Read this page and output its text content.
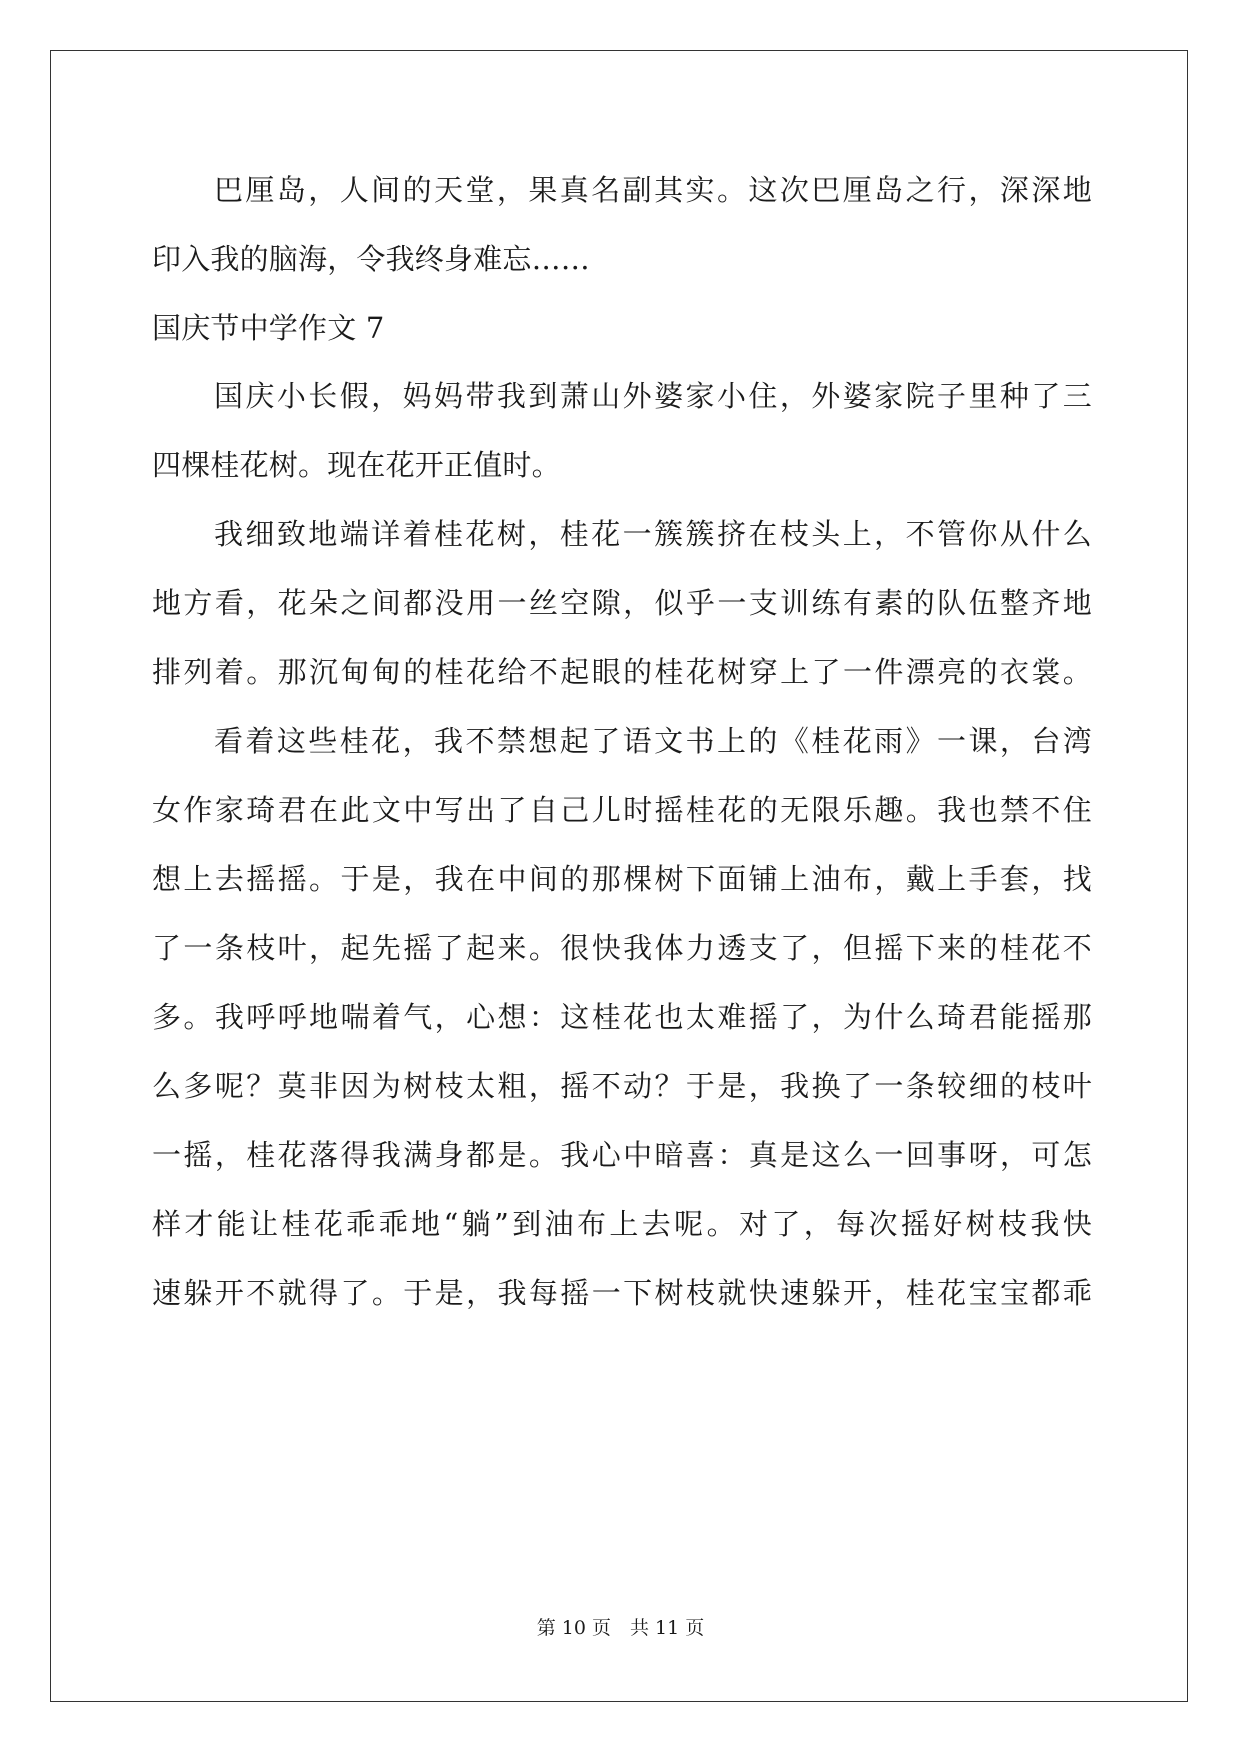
巴厘岛，人间的天堂，果真名副其实。这次巴厘岛之行，深深地
印入我的脑海，令我终身难忘……
国庆节中学作文 7
国庆小长假，妈妈带我到萧山外婆家小住，外婆家院子里种了三
四棵桂花树。现在花开正值时。
我细致地端详着桂花树，桂花一簇簇挤在枝头上，不管你从什么
地方看，花朵之间都没用一丝空隙，似乎一支训练有素的队伍整齐地
排列着。那沉甸甸的桂花给不起眼的桂花树穿上了一件漂亮的衣裳。
看着这些桂花，我不禁想起了语文书上的《桂花雨》一课，台湾
女作家琦君在此文中写出了自己儿时摇桂花的无限乐趣。我也禁不住
想上去摇摇。于是，我在中间的那棵树下面铺上油布，戴上手套，找
了一条枝叶，起先摇了起来。很快我体力透支了，但摇下来的桂花不
多。我呼呼地喘着气，心想：这桂花也太难摇了，为什么琦君能摇那
么多呢？莫非因为树枝太粗，摇不动？于是，我换了一条较细的枝叶
一摇，桂花落得我满身都是。我心中暗喜：真是这么一回事呀，可怎
样才能让桂花乖乖地“躺”到油布上去呢。对了，每次摇好树枝我快
速躲开不就得了。于是，我每摇一下树枝就快速躲开，桂花宝宝都乖
第 10 页　共 11 页
